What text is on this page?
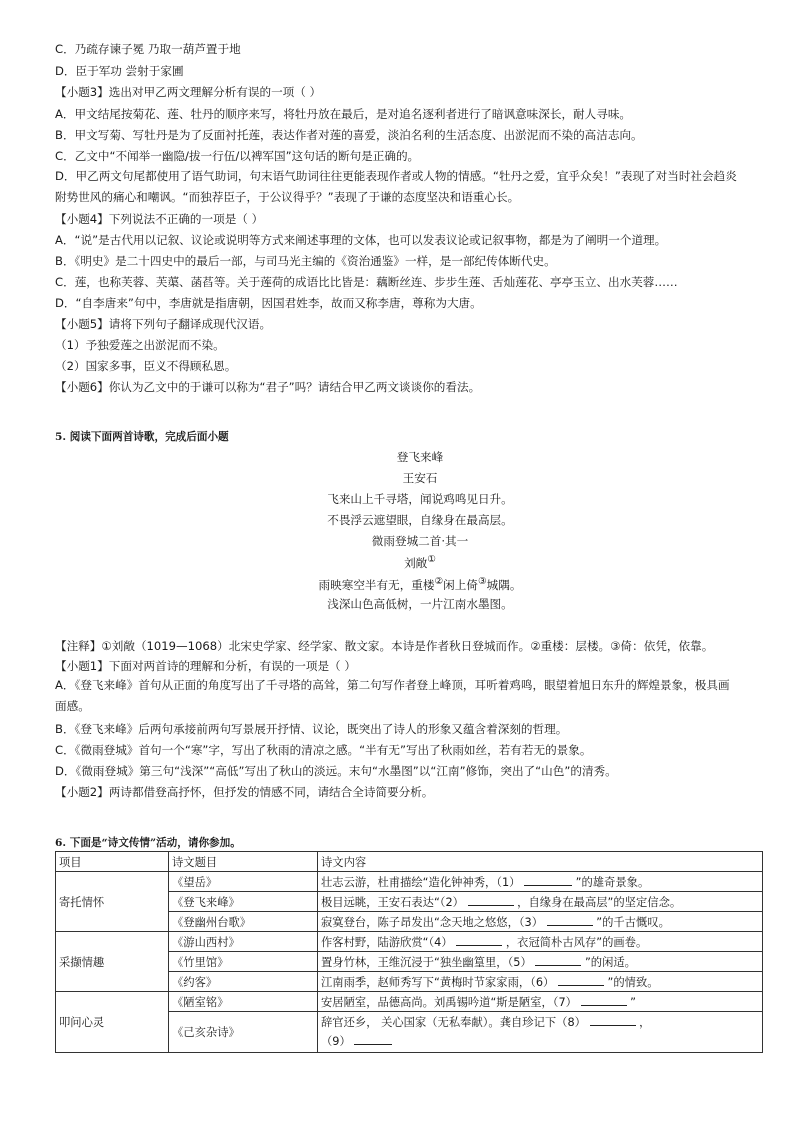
C．乃疏存谏子冕 乃取一葫芦置于地
D．臣于军功 尝射于家圃
【小题3】选出对甲乙两文理解分析有误的一项（ ）
A．甲文结尾按菊花、莲、牡丹的顺序来写，将牡丹放在最后，是对追名逐利者进行了暗讽意味深长，耐人寻味。
B．甲文写菊、写牡丹是为了反面衬托莲，表达作者对莲的喜爱，淡泊名利的生活态度、出淤泥而不染的高洁志向。
C．乙文中“不闻举一幽隐/拔一行伍/以裨军国”这句话的断句是正确的。
D．甲乙两文句尾都使用了语气助词，句末语气助词往往更能表现作者或人物的情感。“牡丹之爱，宜乎众矣！”表现了对当时社会趋炎附势世风的痛心和嘲讽。“而独荐臣子，于公议得乎？”表现了于谦的态度坚决和语重心长。
【小题4】下列说法不正确的一项是（ ）
A．“说”是古代用以记叙、议论或说明等方式来阐述事理的文体，也可以发表议论或记叙事物，都是为了阐明一个道理。
B．《明史》是二十四史中的最后一部，与司马光主编的《资治通鉴》一样，是一部纪传体断代史。
C．莲，也称芙蓉、芙蕖、菡萏等。关于莲荷的成语比比皆是：藕断丝连、步步生莲、舌灿莲花、亭亭玉立、出水芙蓉……
D．“自李唐来”句中，李唐就是指唐朝，因国君姓李，故而又称李唐，尊称为大唐。
【小题5】请将下列句子翻译成现代汉语。
（1）予独爱莲之出淤泥而不染。
（2）国家多事，臣义不得顾私恩。
【小题6】你认为乙文中的于谦可以称为“君子”吗？请结合甲乙两文谈谈你的看法。
5. 阅读下面两首诗歌，完成后面小题
登飞来峰
王安石
飞来山上千寻塔，闻说鸡鸣见日升。
不畏浮云遮望眼，自缘身在最高层。
微雨登城二首·其一
刘敞①
雨映寒空半有无，重楼②闲上倚③城隅。
浅深山色高低树，一片江南水墨图。
【注释】①刘敞（1019—1068）北宋史学家、经学家、散文家。本诗是作者秋日登城而作。②重楼：层楼。③倚：依凭，依靠。
【小题1】下面对两首诗的理解和分析，有误的一项是（ ）
A．《登飞来峰》首句从正面的角度写出了千寻塔的高耸，第二句写作者登上峰顶，耳听着鸡鸣，眼望着旭日东升的辉煌景象，极具画面感。
B．《登飞来峰》后两句承接前两句写景展开抒情、议论，既突出了诗人的形象又蕴含着深刻的哲理。
C．《微雨登城》首句一个“寒”字，写出了秋雨的清凉之感。“半有无”写出了秋雨如丝，若有若无的景象。
D．《微雨登城》第三句“浅深”“高低”写出了秋山的淡远。末句“水墨图”以“江南”修饰，突出了“山色”的清秀。
【小题2】两诗都借登高抒怀，但抒发的情感不同，请结合全诗简要分析。
6. 下面是“诗文传情”活动，请你参加。
项目	诗文题目	诗文内容
寄托情怀	《望岳》	壮志云游，杜甫描绘“造化钟神秀，（1） ”的雄奇景象。
	《登飞来峰》	极目远眺，王安石表达“（2） ，自缘身在最高层”的坚定信念。
	《登幽州台歌》	寂寞登台，陈子昂发出“念天地之悠悠，（3） ”的千古慨叹。
采撷情趣	《游山西村》	作客村野，陆游欣赏“（4） ，衣冠简朴古风存”的画卷。
	《竹里馆》	置身竹林，王维沉浸于“独坐幽篁里，（5） ”的闲适。
	《约客》	江南雨季，赵师秀写下“黄梅时节家家雨，（6） ”的情致。
叩问心灵	《陋室铭》	安居陋室，品德高尚。刘禹锡吟道“斯是陋室，（7） ”
	《己亥杂诗》	辞官还乡， 关心国家（无私奉献）。龚自珍记下（8） ，
（9）
